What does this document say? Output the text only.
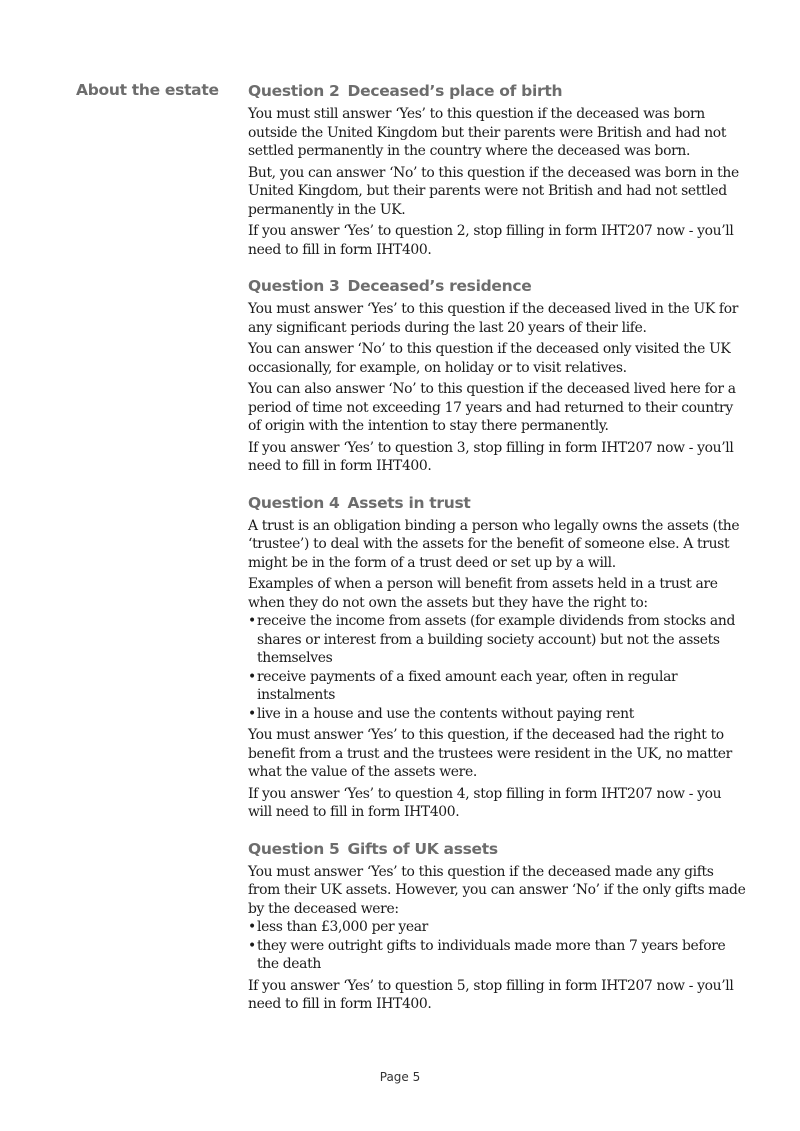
About the estate Question 2 Deceased’s place of birth

You must still answer ‘Yes’ to this question if the deceased was born outside the United Kingdom but their parents were British and had not settled permanently in the country where the deceased was born.

But, you can answer ‘No’ to this question if the deceased was born in the United Kingdom, but their parents were not British and had not settled permanently in the UK.

If you answer ‘Yes’ to question 2, stop filling in form IHT207 now - you’ll need to fill in form IHT400.

Question 3 Deceased’s residence

You must answer ‘Yes’ to this question if the deceased lived in the UK for any significant periods during the last 20 years of their life.

You can answer ‘No’ to this question if the deceased only visited the UK occasionally, for example, on holiday or to visit relatives.

You can also answer ‘No’ to this question if the deceased lived here for a period of time not exceeding 17 years and had returned to their country of origin with the intention to stay there permanently.

If you answer ‘Yes’ to question 3, stop filling in form IHT207 now - you’ll need to fill in form IHT400.

Question 4 Assets in trust

A trust is an obligation binding a person who legally owns the assets (the ‘trustee’) to deal with the assets for the benefit of someone else. A trust might be in the form of a trust deed or set up by a will.

Examples of when a person will benefit from assets held in a trust are when they do not own the assets but they have the right to:

• receive the income from assets (for example dividends from stocks and shares or interest from a building society account) but not the assets themselves
• receive payments of a fixed amount each year, often in regular instalments
• live in a house and use the contents without paying rent

You must answer ‘Yes’ to this question, if the deceased had the right to benefit from a trust and the trustees were resident in the UK, no matter what the value of the assets were.

If you answer ‘Yes’ to question 4, stop filling in form IHT207 now - you will need to fill in form IHT400.

Question 5 Gifts of UK assets

You must answer ‘Yes’ to this question if the deceased made any gifts from their UK assets. However, you can answer ‘No’ if the only gifts made by the deceased were:

• less than £3,000 per year
• they were outright gifts to individuals made more than 7 years before the death

If you answer ‘Yes’ to question 5, stop filling in form IHT207 now - you’ll need to fill in form IHT400.

Page 5
